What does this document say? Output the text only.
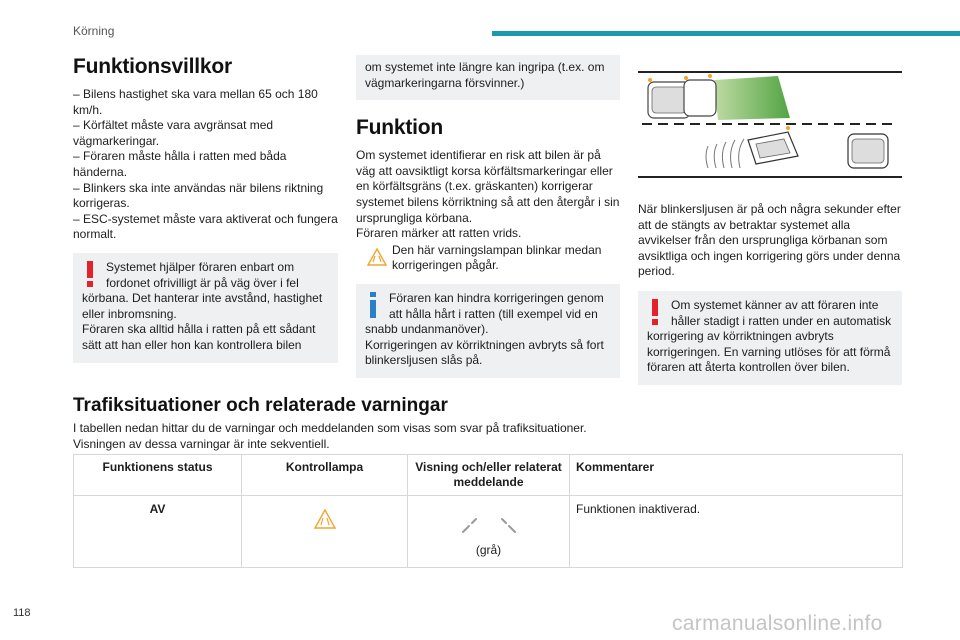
Körning
Funktionsvillkor

– Bilens hastighet ska vara mellan 65 och 180 km/h.

– Körfältet måste vara avgränsat med vägmarkeringar.

– Föraren måste hålla i ratten med båda händerna.

– Blinkers ska inte användas när bilens riktning korrigeras.

– ESC-systemet måste vara aktiverat och fungera normalt.

Systemet hjälper föraren enbart om fordonet ofrivilligt är på väg över i fel
körbana. Det hanterar inte avstånd, hastighet eller inbromsning.
Föraren ska alltid hålla i ratten på ett sådant sätt att han eller hon kan kontrollera bilen
om systemet inte längre kan ingripa (t.ex. om vägmarkeringarna försvinner.)
Funktion

Om systemet identifierar en risk att bilen är på väg att oavsiktligt korsa körfältsmarkeringar eller en körfältsgräns (t.ex. gräskanten) korrigerar systemet bilens körriktning så att den återgår i sin ursprungliga körbana.

Föraren märker att ratten vrids.

Den här varningslampan blinkar medan korrigeringen pågår.
Föraren kan hindra korrigeringen genom att hålla hårt i ratten (till exempel vid en
snabb undanmanöver).
Korrigeringen av körriktningen avbryts så fort blinkersljusen slås på.

När blinkersljusen är på och några sekunder efter att de stängts av betraktar systemet alla avvikelser från den ursprungliga körbanan som avsiktliga och ingen korrigering görs under denna period.

Om systemet känner av att föraren inte håller stadigt i ratten under en automatisk
korrigering av körriktningen avbryts korrigeringen. En varning utlöses för att förmå föraren att återta kontrollen över bilen.
Trafiksituationer och relaterade varningar
I tabellen nedan hittar du de varningar och meddelanden som visas som svar på trafiksituationer.
Visningen av dessa varningar är inte sekventiell.
Funktionens status	Kontrollampa	Visning och/eller relaterat meddelande	Kommentarer
AV		(grå)	Funktionen inaktiverad.
118	carmanualsonline.info
